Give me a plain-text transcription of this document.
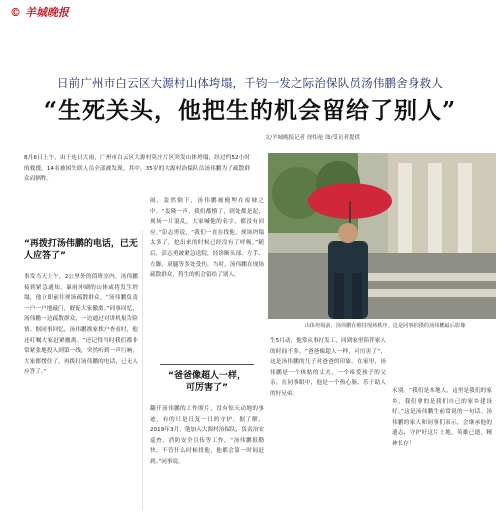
© 羊城晚报
日前广州市白云区大源村山体垮塌，千钧一发之际治保队员汤伟鹏舍身救人
“生死关头，他把生的机会留给了别人”
文/羊城晚报记者 徐炜伦 图/受访者提供
8月6日上午，由于连日大雨，广州市白云区大源村莫庄片区突发山体垮塌，经过约52小时的救援，14名被困失联人员全部被发现。其中，35岁的大源村治保队员汤伟鹏为了疏散群众而牺牲。
“再拨打汤伟鹏的电话，已无人应答了”
事发当天上午，2公里外的值班室内，汤伟鹏接到紧急通知，暴雨冲刷的山体或将发生坍塌，他立即前往现场疏散群众。“汤伟鹏负责一户一户地敲门，催促大家撤离。”同事回忆，汤伟鹏一边疏散群众，一边通过对讲机报告险情。据同事回忆，汤伟鹏挨家挨户查看时，他还叮嘱大家赶紧撤离。“还记得当时我们都非常紧张地投入到第一线，突然听到一声巨响，大家都愣住了，再拨打汤伟鹏的电话，已无人应答了。”
闹，轰然倒下，汤伟鹏被掩埋在废墟之中。“轰隆一声，我们都懵了，到处都是泥，现场一片混乱，大家喊他的名字，都没有回应。”彭志勇说，“我们一直在找他，现场坍塌太多了，挖出来的时候已经没有了呼吸。”随后，彭志勇被紧急送院，经诊断头部、左手、左脚、双腿等多处受伤。当时，汤伟鹏在现场疏散群众，将生的机会留给了别人。
“爸爸像超人一样，
可厉害了”
翻开汤伟鹏的工作照片，没有惊天动地的事迹，有的只是日复一日的守护。据了解，2019年3月，他加入大源村治保队，负责治安巡查、消防安全宣传等工作。“汤伟鹏很勤快，不管什么时候找他，他都会第一时间赶到。”同事说。
山体垮塌前，汤伟鹏在维持现场秩序。这是同事拍摄的汤伟鹏最后影像
生5月动，他常从事打发工，回到家里陪伴家人的时间不多。“爸爸像超人一样，可厉害了”，这是汤伟鹏的儿子对爸爸的印象。在家里，汤伟鹏是一个体贴的丈夫，一个疼爱孩子的父亲。在同事眼中，他是一个热心肠、乐于助人的好兄弟。	永别。“我们是本地人，这里是我们的家乡，我们拿的是我们自己的家乡建设好。”这是汤伟鹏生前常说的一句话。汤伟鹏的家人和同事们表示，会继承他的遗志，守护好这片土地。英雄已逝，精神长存！
